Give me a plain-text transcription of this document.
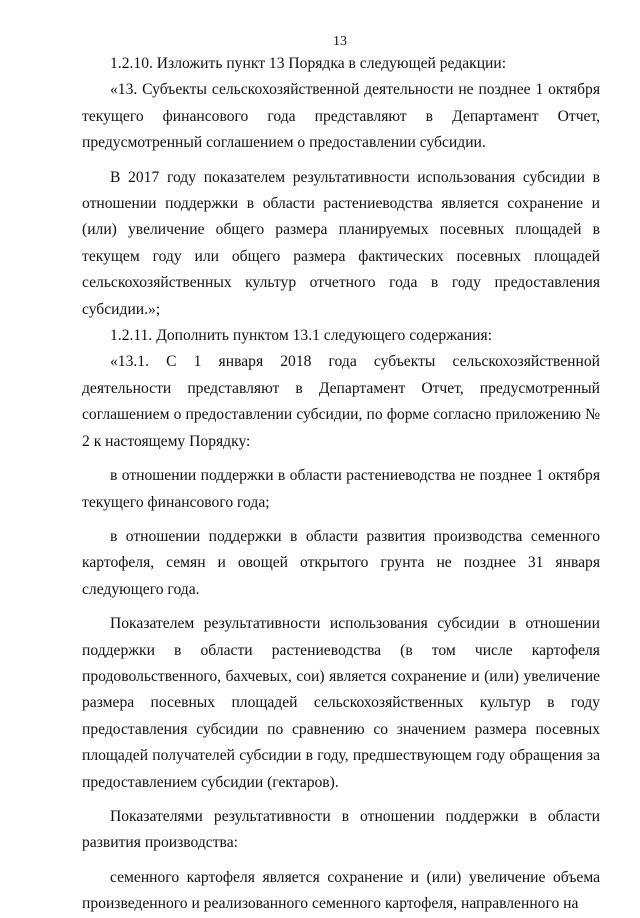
13

1.2.10. Изложить пункт 13 Порядка в следующей редакции:

«13. Субъекты сельскохозяйственной деятельности не позднее 1 октября текущего финансового года представляют в Департамент Отчет, предусмотренный соглашением о предоставлении субсидии.

В 2017 году показателем результативности использования субсидии в отношении поддержки в области растениеводства является сохранение и (или) увеличение общего размера планируемых посевных площадей в текущем году или общего размера фактических посевных площадей сельскохозяйственных культур отчетного года в году предоставления субсидии.»;

1.2.11. Дополнить пунктом 13.1 следующего содержания:

«13.1. С 1 января 2018 года субъекты сельскохозяйственной деятельности представляют в Департамент Отчет, предусмотренный соглашением о предоставлении субсидии, по форме согласно приложению № 2 к настоящему Порядку:

в отношении поддержки в области растениеводства не позднее 1 октября текущего финансового года;

в отношении поддержки в области развития производства семенного картофеля, семян и овощей открытого грунта не позднее 31 января следующего года.

Показателем результативности использования субсидии в отношении поддержки в области растениеводства (в том числе картофеля продовольственного, бахчевых, сои) является сохранение и (или) увеличение размера посевных площадей сельскохозяйственных культур в году предоставления субсидии по сравнению со значением размера посевных площадей получателей субсидии в году, предшествующем году обращения за предоставлением субсидии (гектаров).

Показателями результативности в отношении поддержки в области развития производства:

семенного картофеля является сохранение и (или) увеличение объема произведенного и реализованного семенного картофеля, направленного на
